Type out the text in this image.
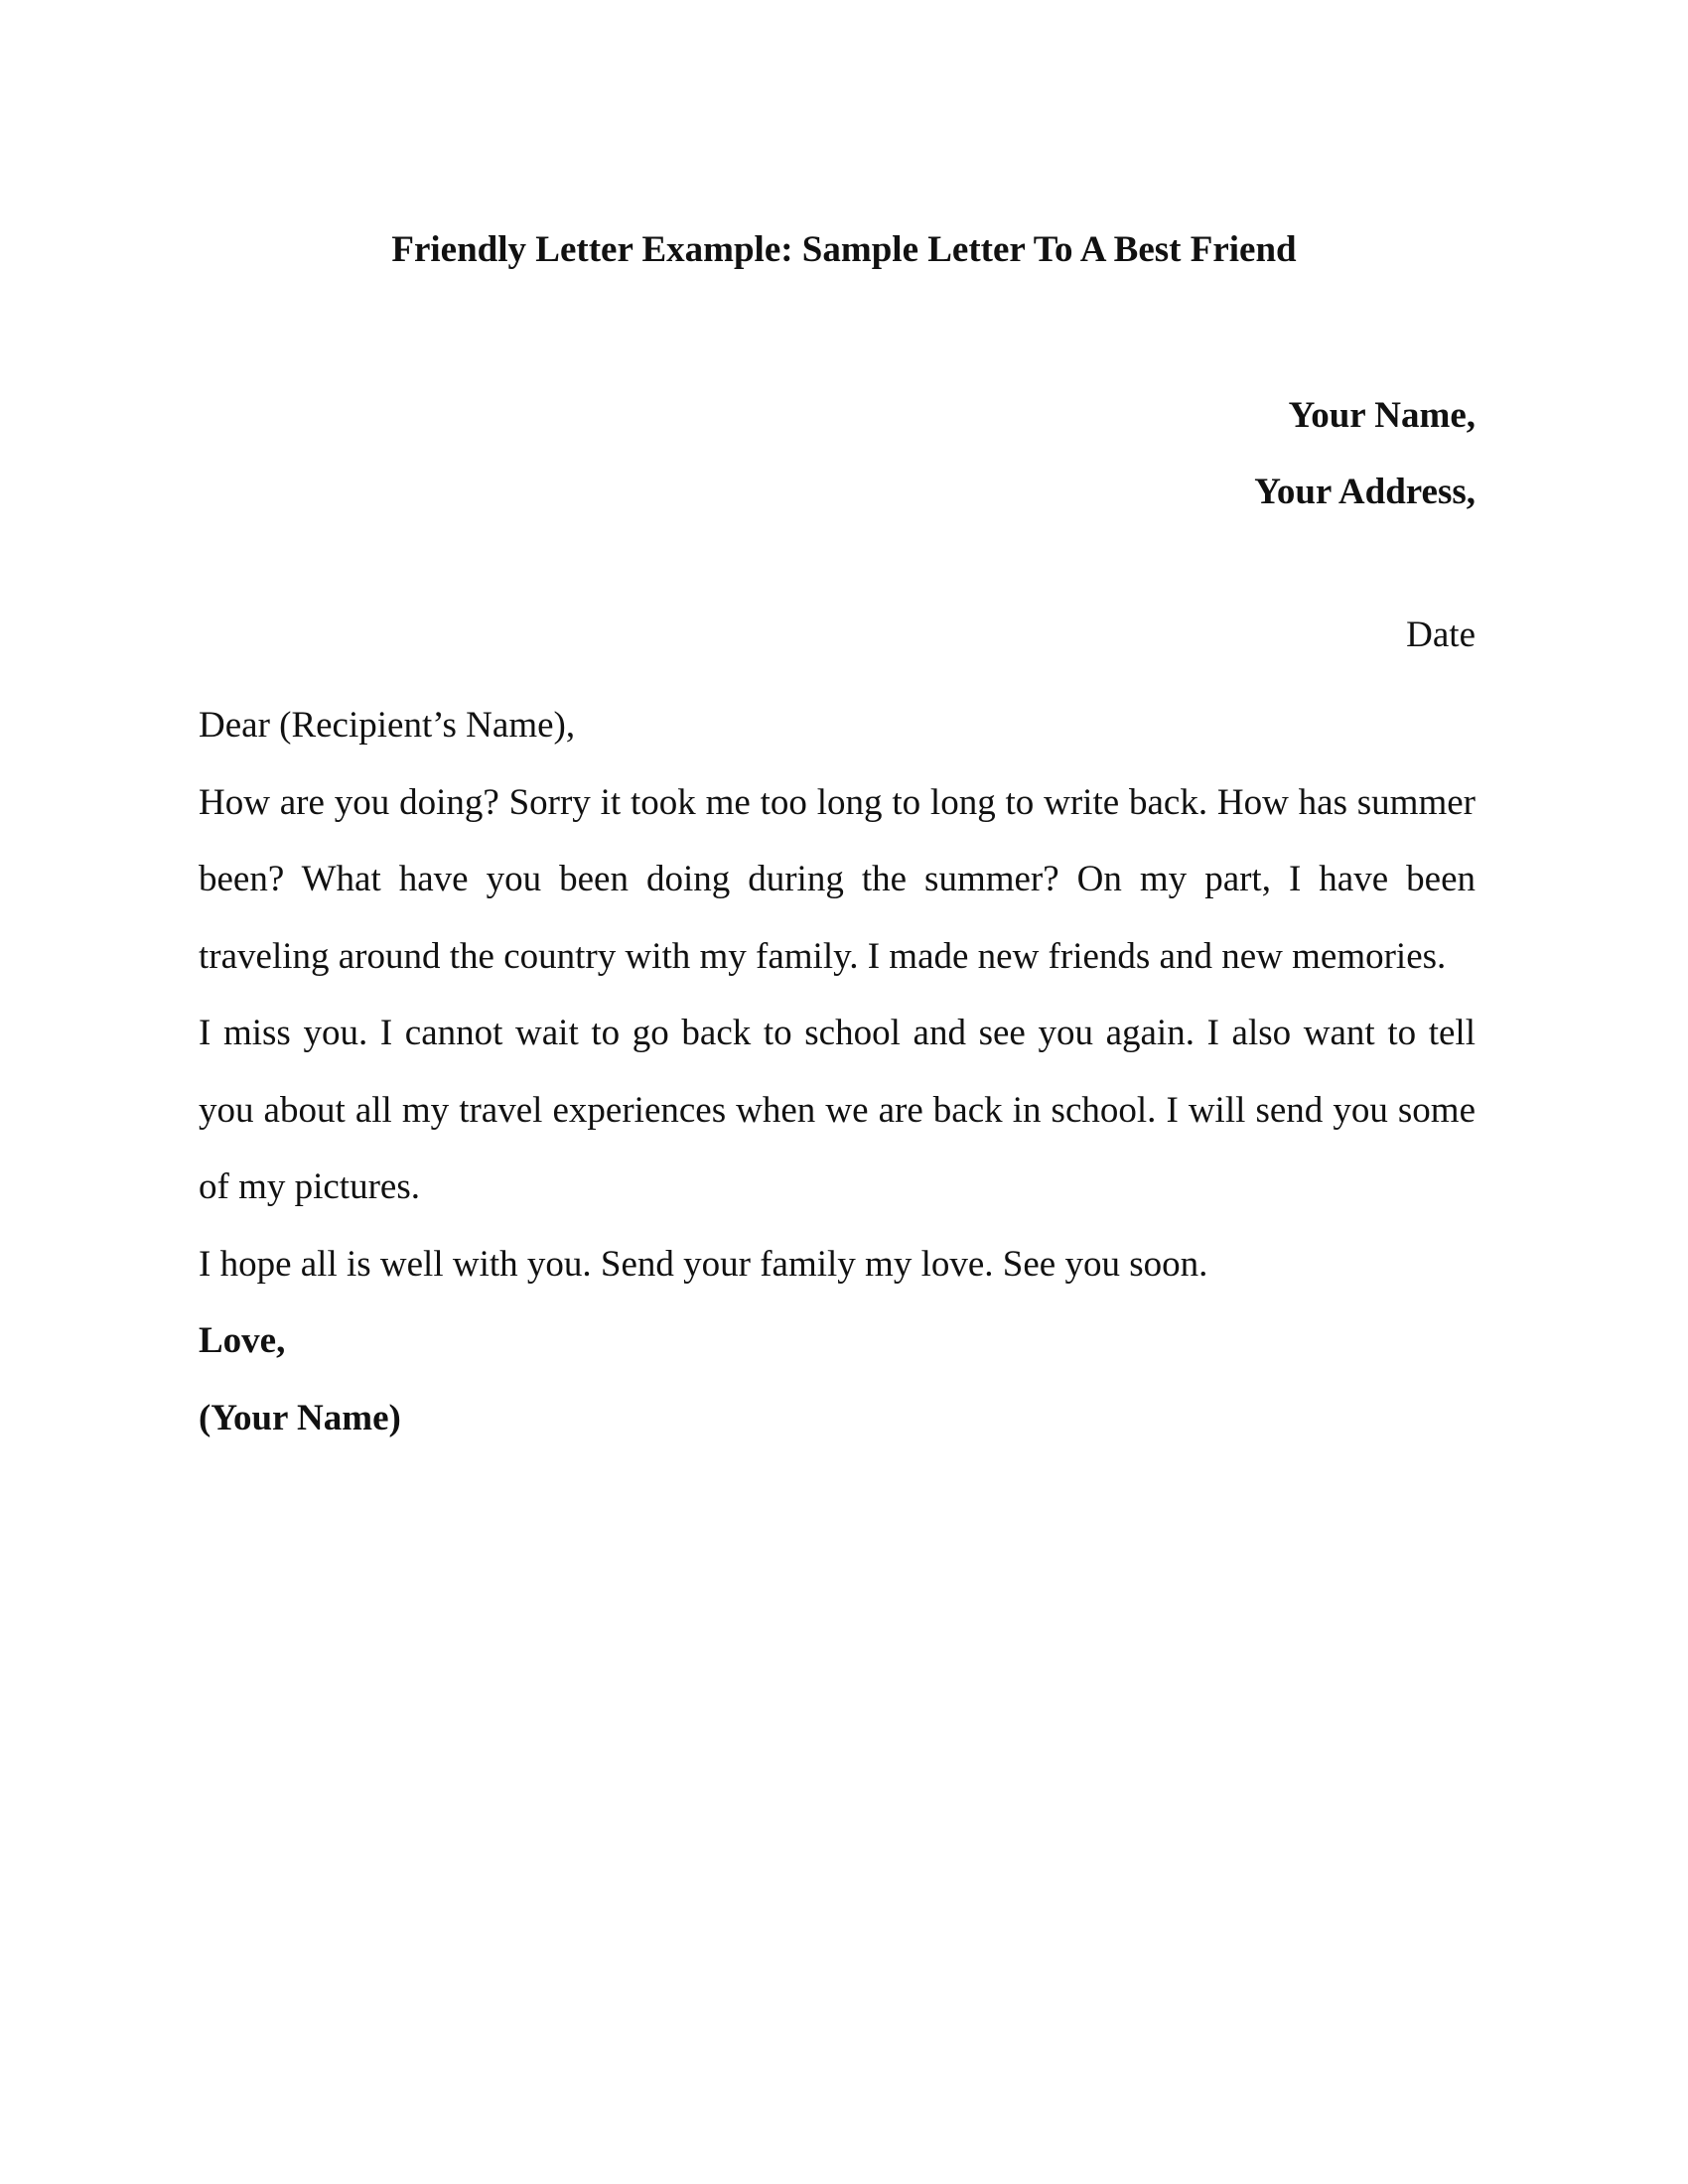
Friendly Letter Example: Sample Letter To A Best Friend
Your Name,
Your Address,
Date

Dear (Recipient’s Name),

How are you doing? Sorry it took me too long to long to write back. How has summer been? What have you been doing during the summer? On my part, I have been traveling around the country with my family. I made new friends and new memories.

I miss you. I cannot wait to go back to school and see you again. I also want to tell you about all my travel experiences when we are back in school. I will send you some of my pictures.

I hope all is well with you. Send your family my love. See you soon.

Love,

(Your Name)
